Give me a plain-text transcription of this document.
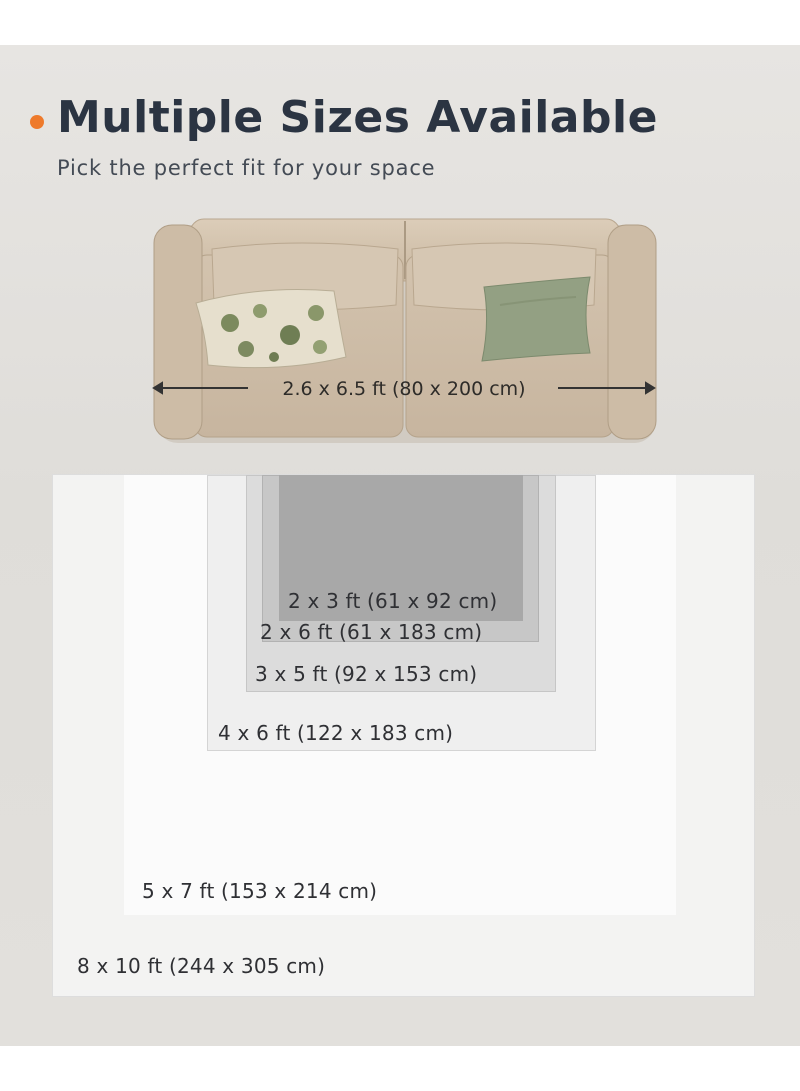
Multiple Sizes Available
Pick the perfect fit for your space
2 x 3 ft (61 x 92 cm)
2 x 6 ft (61 x 183 cm)
3 x 5 ft (92 x 153 cm)
4 x 6 ft (122 x 183 cm)
5 x 7 ft (153 x 214 cm)
8 x 10 ft (244 x 305 cm)
2.6 x 6.5 ft (80 x 200 cm)
